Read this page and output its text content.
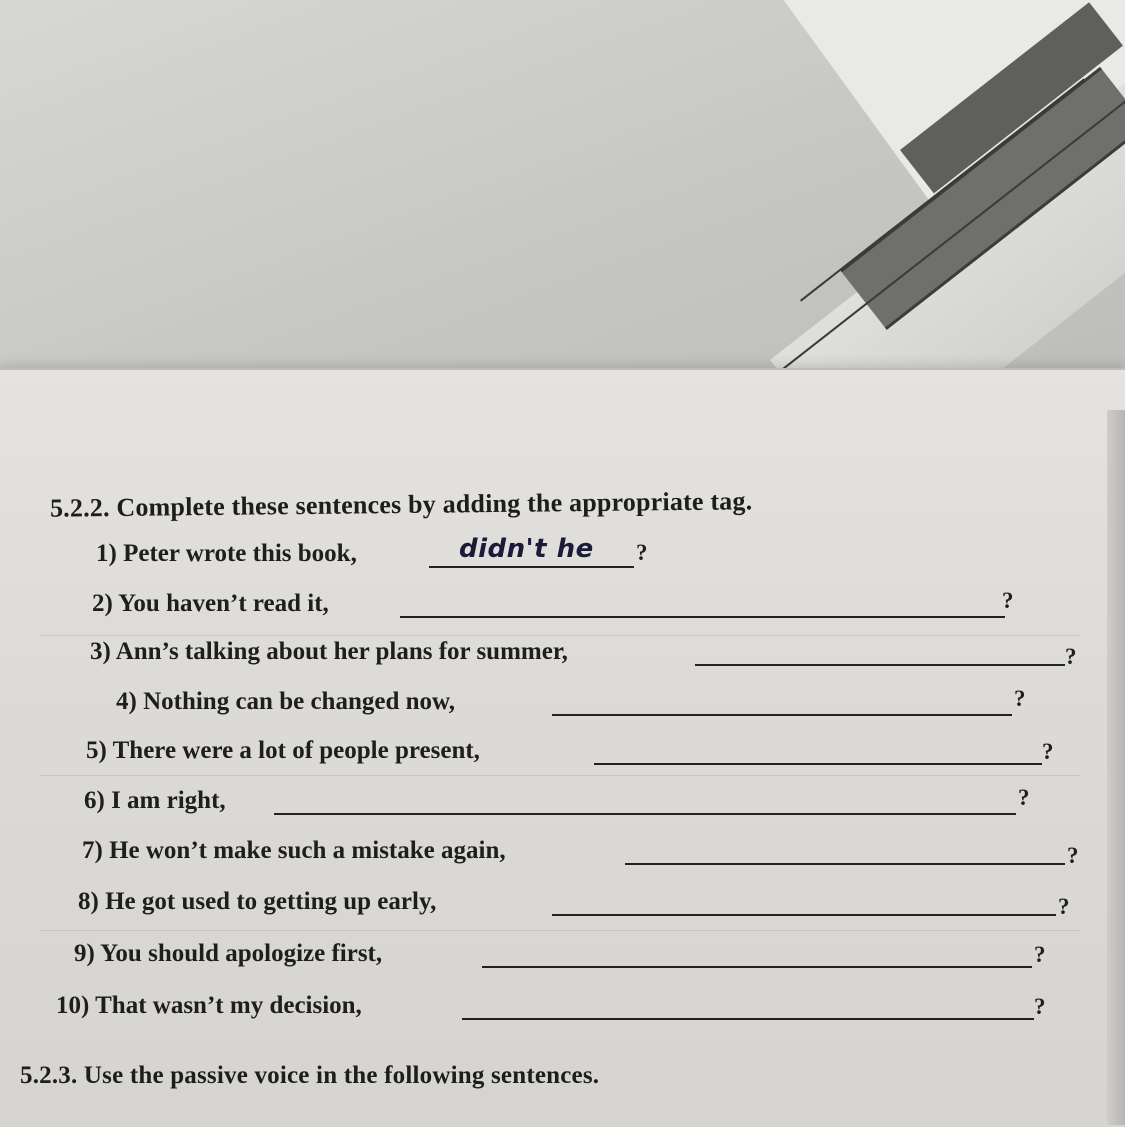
5.2.2. Complete these sentences by adding the appropriate tag.
1) Peter wrote this book,	didn't he ?
2) You haven’t read it,	?
3) Ann’s talking about her plans for summer,	?
4) Nothing can be changed now,	?
5) There were a lot of people present,	?
6) I am right,	?
7) He won’t make such a mistake again,	?
8) He got used to getting up early,	?
9) You should apologize first,	?
10) That wasn’t my decision,	?
5.2.3. Use the passive voice in the following sentences.
